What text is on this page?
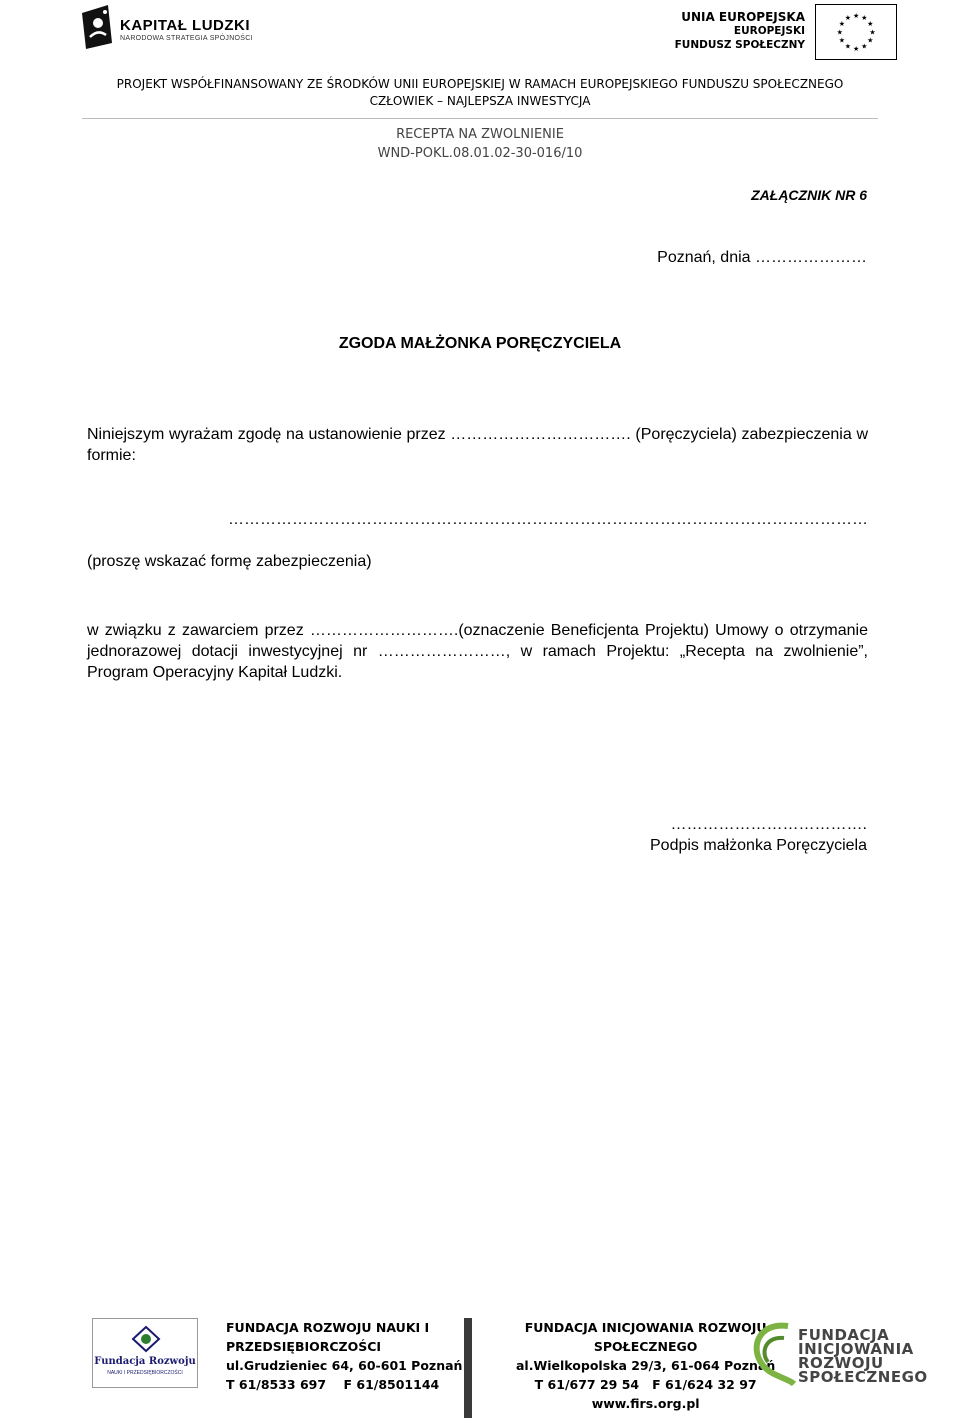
KAPITAŁ LUDZKI
NARODOWA STRATEGIA SPÓJNOŚCI
UNIA EUROPEJSKA
EUROPEJSKI
FUNDUSZ SPOŁECZNY
★ ★
★
★
★
★
★
★
★
★
★
★
PROJEKT WSPÓŁFINANSOWANY ZE ŚRODKÓW UNII EUROPEJSKIEJ W RAMACH EUROPEJSKIEGO FUNDUSZU SPOŁECZNEGO
CZŁOWIEK – NAJLEPSZA INWESTYCJA
RECEPTA NA ZWOLNIENIE
WND-POKL.08.01.02-30-016/10
ZAŁĄCZNIK NR 6
Poznań, dnia …………………
ZGODA MAŁŻONKA PORĘCZYCIELA
Niniejszym wyrażam zgodę na ustanowienie przez ……………………………. (Poręczyciela) zabezpieczenia w formie:
…………………………………………………………………………………………………………
(proszę wskazać formę zabezpieczenia)
w związku z zawarciem przez ……………………….(oznaczenie Beneficjenta Projektu) Umowy o otrzymanie jednorazowej dotacji inwestycyjnej nr ……………………, w ramach Projektu: „Recepta na zwolnienie”, Program Operacyjny Kapitał Ludzki.
……………………………….
Podpis małżonka Poręczyciela
Fundacja Rozwoju
NAUKI I PRZEDSIĘBIORCZOŚCI
FUNDACJA ROZWOJU NAUKI I
PRZEDSIĘBIORCZOŚCI
ul.Grudzieniec 64, 60-601 Poznań
T 61/8533 697    F 61/8501144
FUNDACJA INICJOWANIA ROZWOJU
SPOŁECZNEGO
al.Wielkopolska 29/3, 61-064 Poznań
T 61/677 29 54   F 61/624 32 97
www.firs.org.pl
FUNDACJA
INICJOWANIA
ROZWOJU
SPOŁECZNEGO
